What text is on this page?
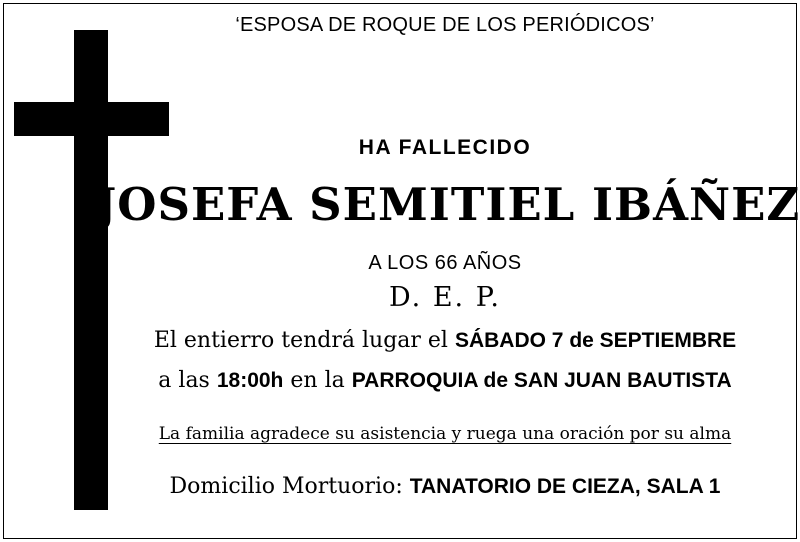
‘ESPOSA DE ROQUE DE LOS PERIÓDICOS’
HA FALLECIDO
JOSEFA SEMITIEL IBÁÑEZ
A LOS 66 AÑOS
D. E. P.
El entierro tendrá lugar el SÁBADO 7 de SEPTIEMBRE
a las 18:00h en la PARROQUIA de SAN JUAN BAUTISTA
La familia agradece su asistencia y ruega una oración por su alma
Domicilio Mortuorio: TANATORIO DE CIEZA, SALA 1
